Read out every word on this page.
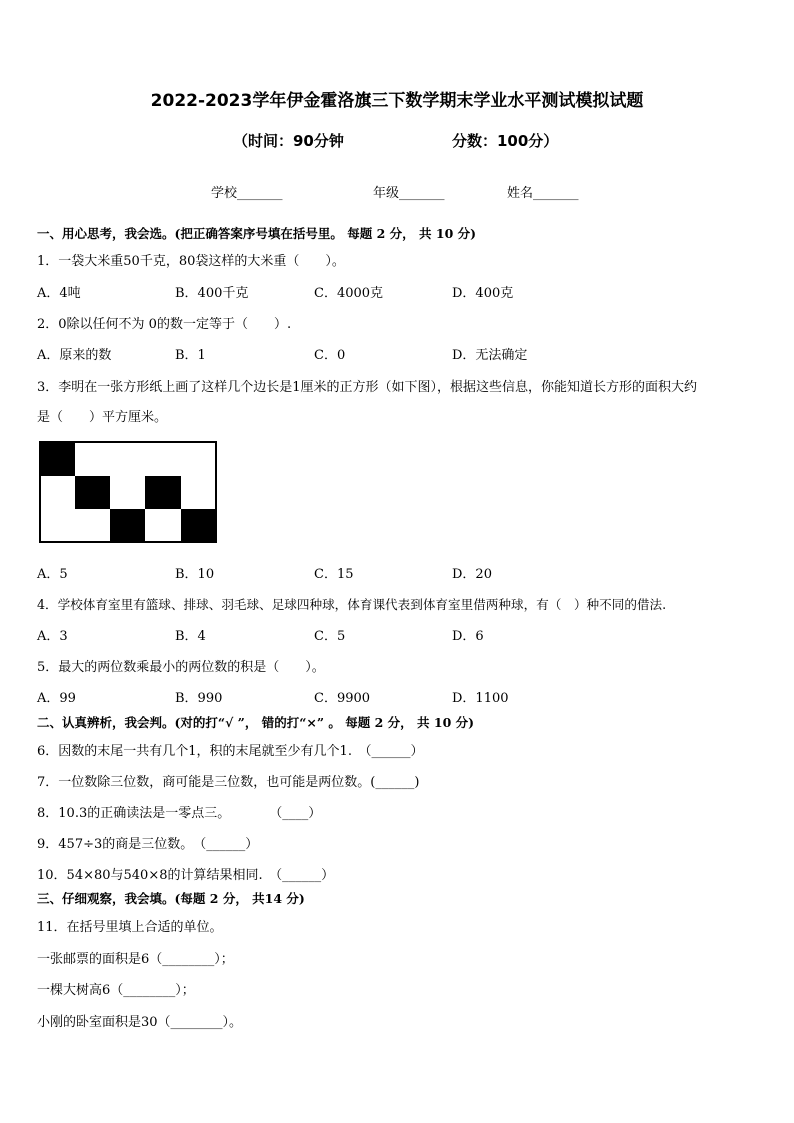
2022-2023学年伊金霍洛旗三下数学期末学业水平测试模拟试题
（时间：90分钟	分数：100分）
学校_______	年级_______	姓名_______
一、用心思考，我会选。(把正确答案序号填在括号里。 每题 2 分， 共 10 分)
1．一袋大米重50千克，80袋这样的大米重（　　）。
A．4吨	B．400千克	C．4000克	D．400克
2．0除以任何不为 0的数一定等于（　　）.
A．原来的数	B．1	C．0	D．无法确定
3．李明在一张方形纸上画了这样几个边长是1厘米的正方形（如下图），根据这些信息，你能知道长方形的面积大约
是（　　）平方厘米。
A．5	B．10	C．15	D．20
4．学校体育室里有篮球、排球、羽毛球、足球四种球，体育课代表到体育室里借两种球，有（　）种不同的借法.
A．3	B．4	C．5	D．6
5．最大的两位数乘最小的两位数的积是（　　）。
A．99	B．990	C．9900	D．1100
二、认真辨析，我会判。(对的打“√ ”， 错的打“×” 。 每题 2 分， 共 10 分)
6．因数的末尾一共有几个1，积的末尾就至少有几个1.　（______）
7．一位数除三位数，商可能是三位数，也可能是两位数。(______)
8．10.3的正确读法是一零点三。　　　　（____）
9．457÷3的商是三位数。　（______）
10．54×80与540×8的计算结果相同.　（______）
三、仔细观察，我会填。(每题 2 分， 共14 分)
11．在括号里填上合适的单位。
一张邮票的面积是6（________）；
一棵大树高6（________）；
小刚的卧室面积是30（________）。
